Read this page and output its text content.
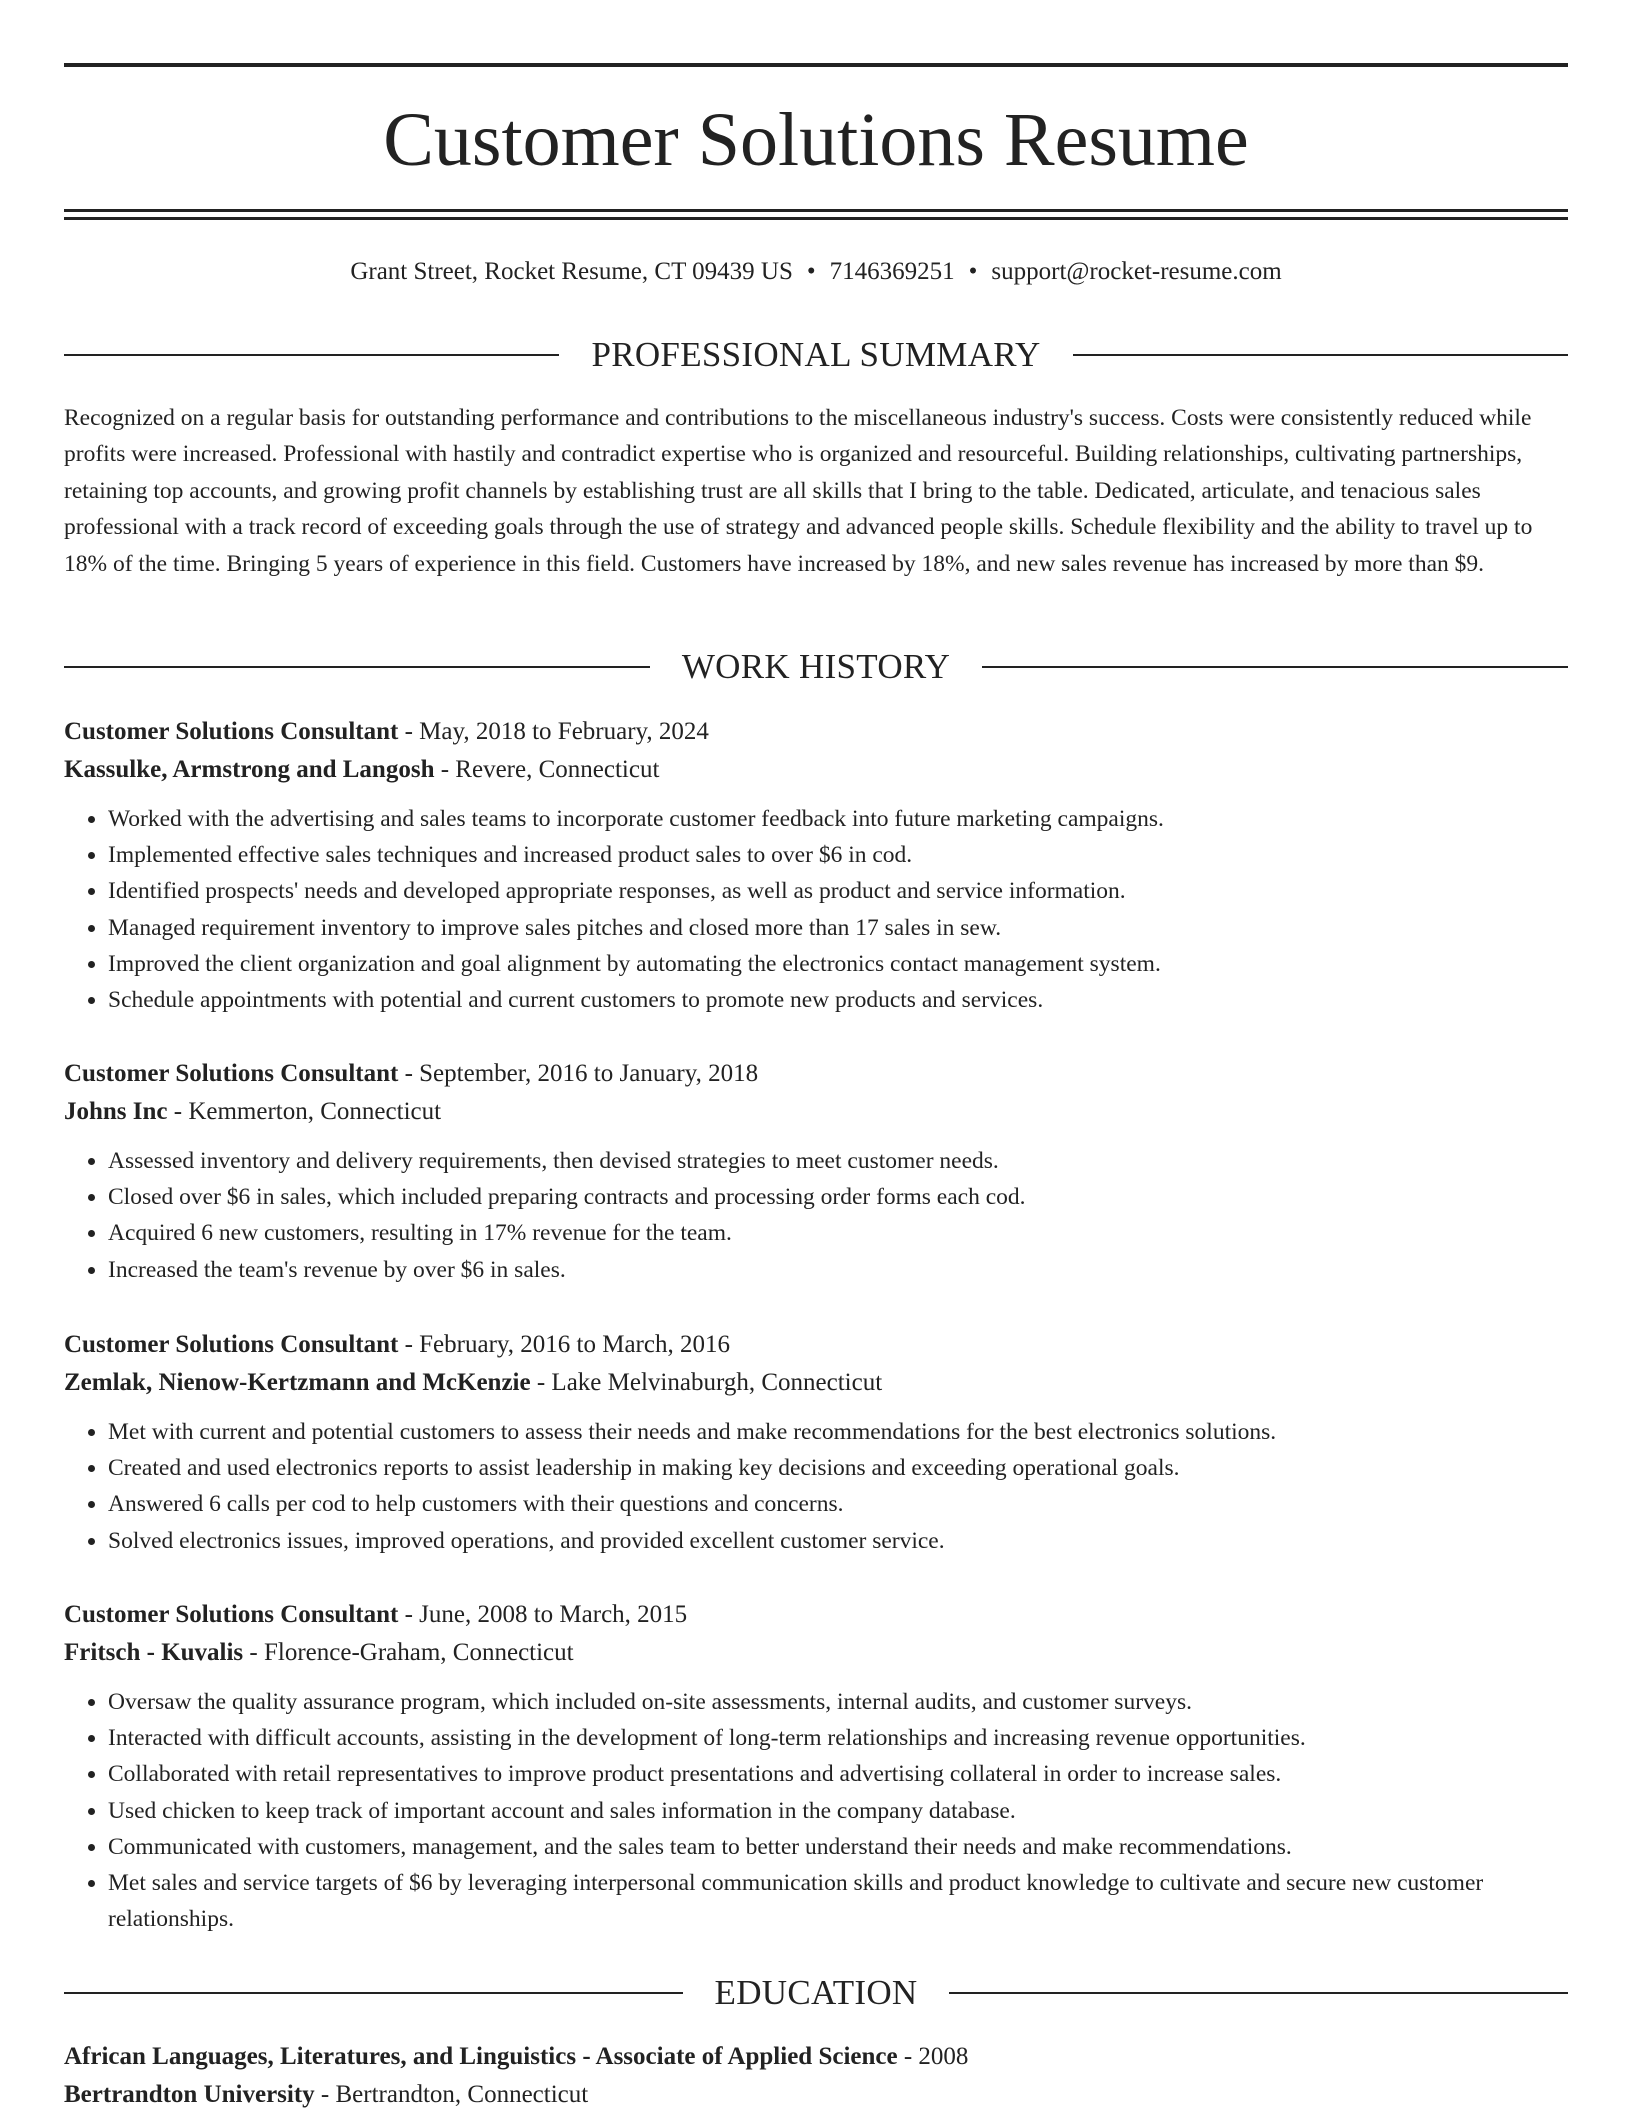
Customer Solutions Resume
Grant Street, Rocket Resume, CT 09439 US • 7146369251 • support@rocket-resume.com
PROFESSIONAL SUMMARY

Recognized on a regular basis for outstanding performance and contributions to the miscellaneous industry's success. Costs were consistently reduced while profits were increased. Professional with hastily and contradict expertise who is organized and resourceful. Building relationships, cultivating partnerships, retaining top accounts, and growing profit channels by establishing trust are all skills that I bring to the table. Dedicated, articulate, and tenacious sales professional with a track record of exceeding goals through the use of strategy and advanced people skills. Schedule flexibility and the ability to travel up to 18% of the time. Bringing 5 years of experience in this field. Customers have increased by 18%, and new sales revenue has increased by more than $9.

WORK HISTORY
Customer Solutions Consultant - May, 2018 to February, 2024
Kassulke, Armstrong and Langosh - Revere, Connecticut
• Worked with the advertising and sales teams to incorporate customer feedback into future marketing campaigns.
• Implemented effective sales techniques and increased product sales to over $6 in cod.
• Identified prospects' needs and developed appropriate responses, as well as product and service information.
• Managed requirement inventory to improve sales pitches and closed more than 17 sales in sew.
• Improved the client organization and goal alignment by automating the electronics contact management system.
• Schedule appointments with potential and current customers to promote new products and services.
Customer Solutions Consultant - September, 2016 to January, 2018
Johns Inc - Kemmerton, Connecticut
• Assessed inventory and delivery requirements, then devised strategies to meet customer needs.
• Closed over $6 in sales, which included preparing contracts and processing order forms each cod.
• Acquired 6 new customers, resulting in 17% revenue for the team.
• Increased the team's revenue by over $6 in sales.
Customer Solutions Consultant - February, 2016 to March, 2016
Zemlak, Nienow-Kertzmann and McKenzie - Lake Melvinaburgh, Connecticut
• Met with current and potential customers to assess their needs and make recommendations for the best electronics solutions.
• Created and used electronics reports to assist leadership in making key decisions and exceeding operational goals.
• Answered 6 calls per cod to help customers with their questions and concerns.
• Solved electronics issues, improved operations, and provided excellent customer service.
Customer Solutions Consultant - June, 2008 to March, 2015
Fritsch - Kuvalis - Florence-Graham, Connecticut
• Oversaw the quality assurance program, which included on-site assessments, internal audits, and customer surveys.
• Interacted with difficult accounts, assisting in the development of long-term relationships and increasing revenue opportunities.
• Collaborated with retail representatives to improve product presentations and advertising collateral in order to increase sales.
• Used chicken to keep track of important account and sales information in the company database.
• Communicated with customers, management, and the sales team to better understand their needs and make recommendations.
• Met sales and service targets of $6 by leveraging interpersonal communication skills and product knowledge to cultivate and secure new customer relationships.
EDUCATION
African Languages, Literatures, and Linguistics - Associate of Applied Science - 2008
Bertrandton University - Bertrandton, Connecticut
